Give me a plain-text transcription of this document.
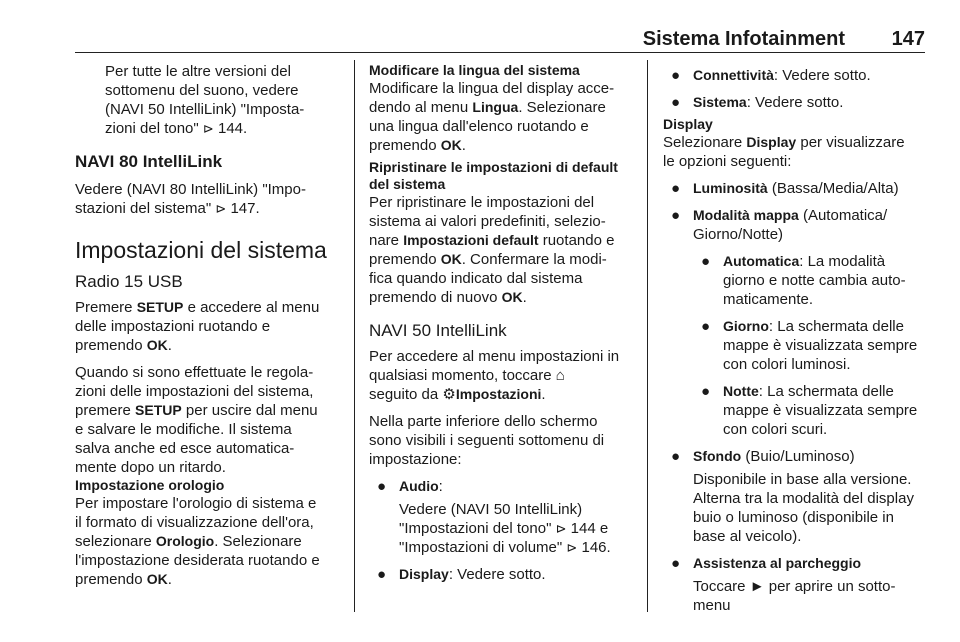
Sistema Infotainment 147

Per tutte le altre versioni del

sottomenu del suono, vedere

(NAVI 50 IntelliLink) "Imposta-

zioni del tono" ⊳ 144.

NAVI 80 IntelliLink

Vedere (NAVI 80 IntelliLink) "Impo-

stazioni del sistema" ⊳ 147.

Impostazioni del sistema
Radio 15 USB

Premere SETUP e accedere al menu

delle impostazioni ruotando e

premendo OK.

Quando si sono effettuate le regola-

zioni delle impostazioni del sistema,

premere SETUP per uscire dal menu

e salvare le modifiche. Il sistema

salva anche ed esce automatica-

mente dopo un ritardo.

Impostazione orologio

Per impostare l'orologio di sistema e

il formato di visualizzazione dell'ora,

selezionare Orologio. Selezionare

l'impostazione desiderata ruotando e

premendo OK.

Modificare la lingua del sistema

Modificare la lingua del display acce-

dendo al menu Lingua. Selezionare

una lingua dall'elenco ruotando e

premendo OK.

Ripristinare le impostazioni di default
del sistema

Per ripristinare le impostazioni del

sistema ai valori predefiniti, selezio-

nare Impostazioni default ruotando e

premendo OK. Confermare la modi-

fica quando indicato dal sistema

premendo di nuovo OK.

NAVI 50 IntelliLink

Per accedere al menu impostazioni in

qualsiasi momento, toccare ⌂

seguito da ⚙Impostazioni.

Nella parte inferiore dello schermo

sono visibili i seguenti sottomenu di

impostazione:

● Audio:

Vedere (NAVI 50 IntelliLink)

"Impostazioni del tono" ⊳ 144 e

"Impostazioni di volume" ⊳ 146.

● Display: Vedere sotto.

● Connettività: Vedere sotto.

● Sistema: Vedere sotto.

Display

Selezionare Display per visualizzare

le opzioni seguenti:

● Luminosità (Bassa/Media/Alta)

● Modalità mappa (Automatica/

Giorno/Notte)

● Automatica: La modalità

giorno e notte cambia auto-

maticamente.

● Giorno: La schermata delle

mappe è visualizzata sempre

con colori luminosi.

● Notte: La schermata delle

mappe è visualizzata sempre

con colori scuri.

● Sfondo (Buio/Luminoso)

Disponibile in base alla versione.

Alterna tra la modalità del display

buio o luminoso (disponibile in

base al veicolo).

● Assistenza al parcheggio

Toccare ► per aprire un sotto-

menu
